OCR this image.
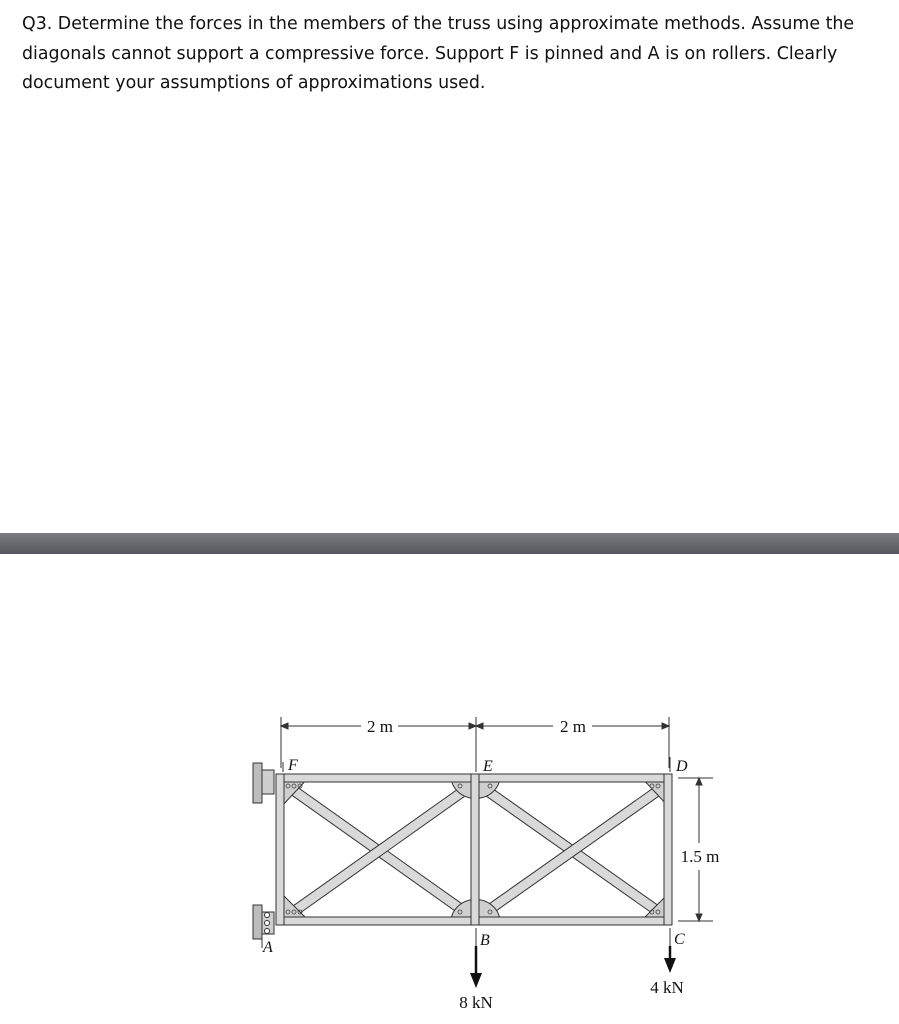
Q3. Determine the forces in the members of the truss using approximate methods. Assume the diagonals cannot support a compressive force. Support F is pinned and A is on rollers. Clearly document your assumptions of approximations used.

2 m	2 m
1.5 m
F	E	D
A	B	C
8 kN
4 kN
